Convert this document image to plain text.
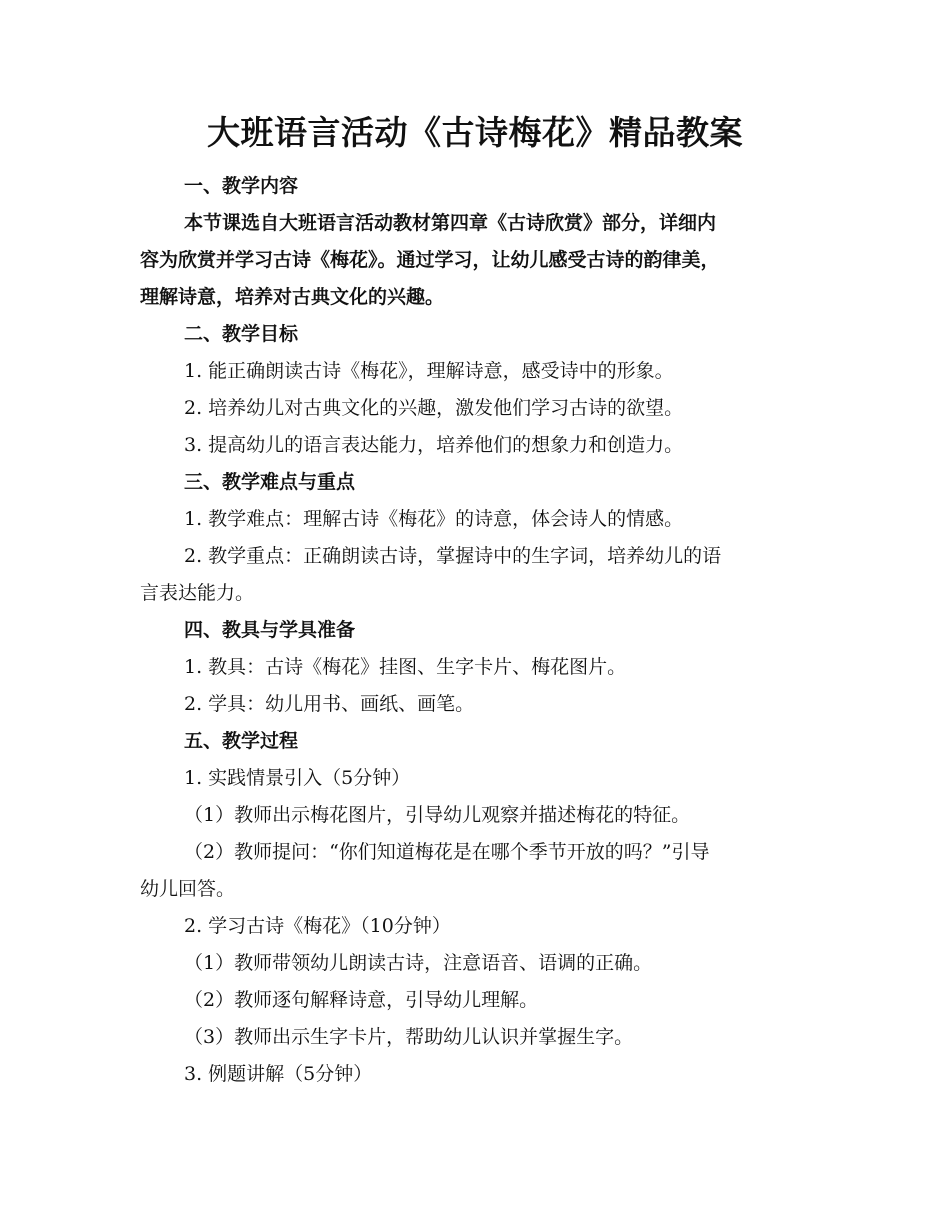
大班语言活动《古诗梅花》精品教案
一、教学内容
本节课选自大班语言活动教材第四章《古诗欣赏》部分，详细内
容为欣赏并学习古诗《梅花》。通过学习，让幼儿感受古诗的韵律美，
理解诗意，培养对古典文化的兴趣。
二、教学目标
1. 能正确朗读古诗《梅花》，理解诗意，感受诗中的形象。
2. 培养幼儿对古典文化的兴趣，激发他们学习古诗的欲望。
3. 提高幼儿的语言表达能力，培养他们的想象力和创造力。
三、教学难点与重点
1. 教学难点：理解古诗《梅花》的诗意，体会诗人的情感。
2. 教学重点：正确朗读古诗，掌握诗中的生字词，培养幼儿的语
言表达能力。
四、教具与学具准备
1. 教具：古诗《梅花》挂图、生字卡片、梅花图片。
2. 学具：幼儿用书、画纸、画笔。
五、教学过程
1. 实践情景引入（5分钟）
（1）教师出示梅花图片，引导幼儿观察并描述梅花的特征。
（2）教师提问：“你们知道梅花是在哪个季节开放的吗？”引导
幼儿回答。
2. 学习古诗《梅花》（10分钟）
（1）教师带领幼儿朗读古诗，注意语音、语调的正确。
（2）教师逐句解释诗意，引导幼儿理解。
（3）教师出示生字卡片，帮助幼儿认识并掌握生字。
3. 例题讲解（5分钟）
